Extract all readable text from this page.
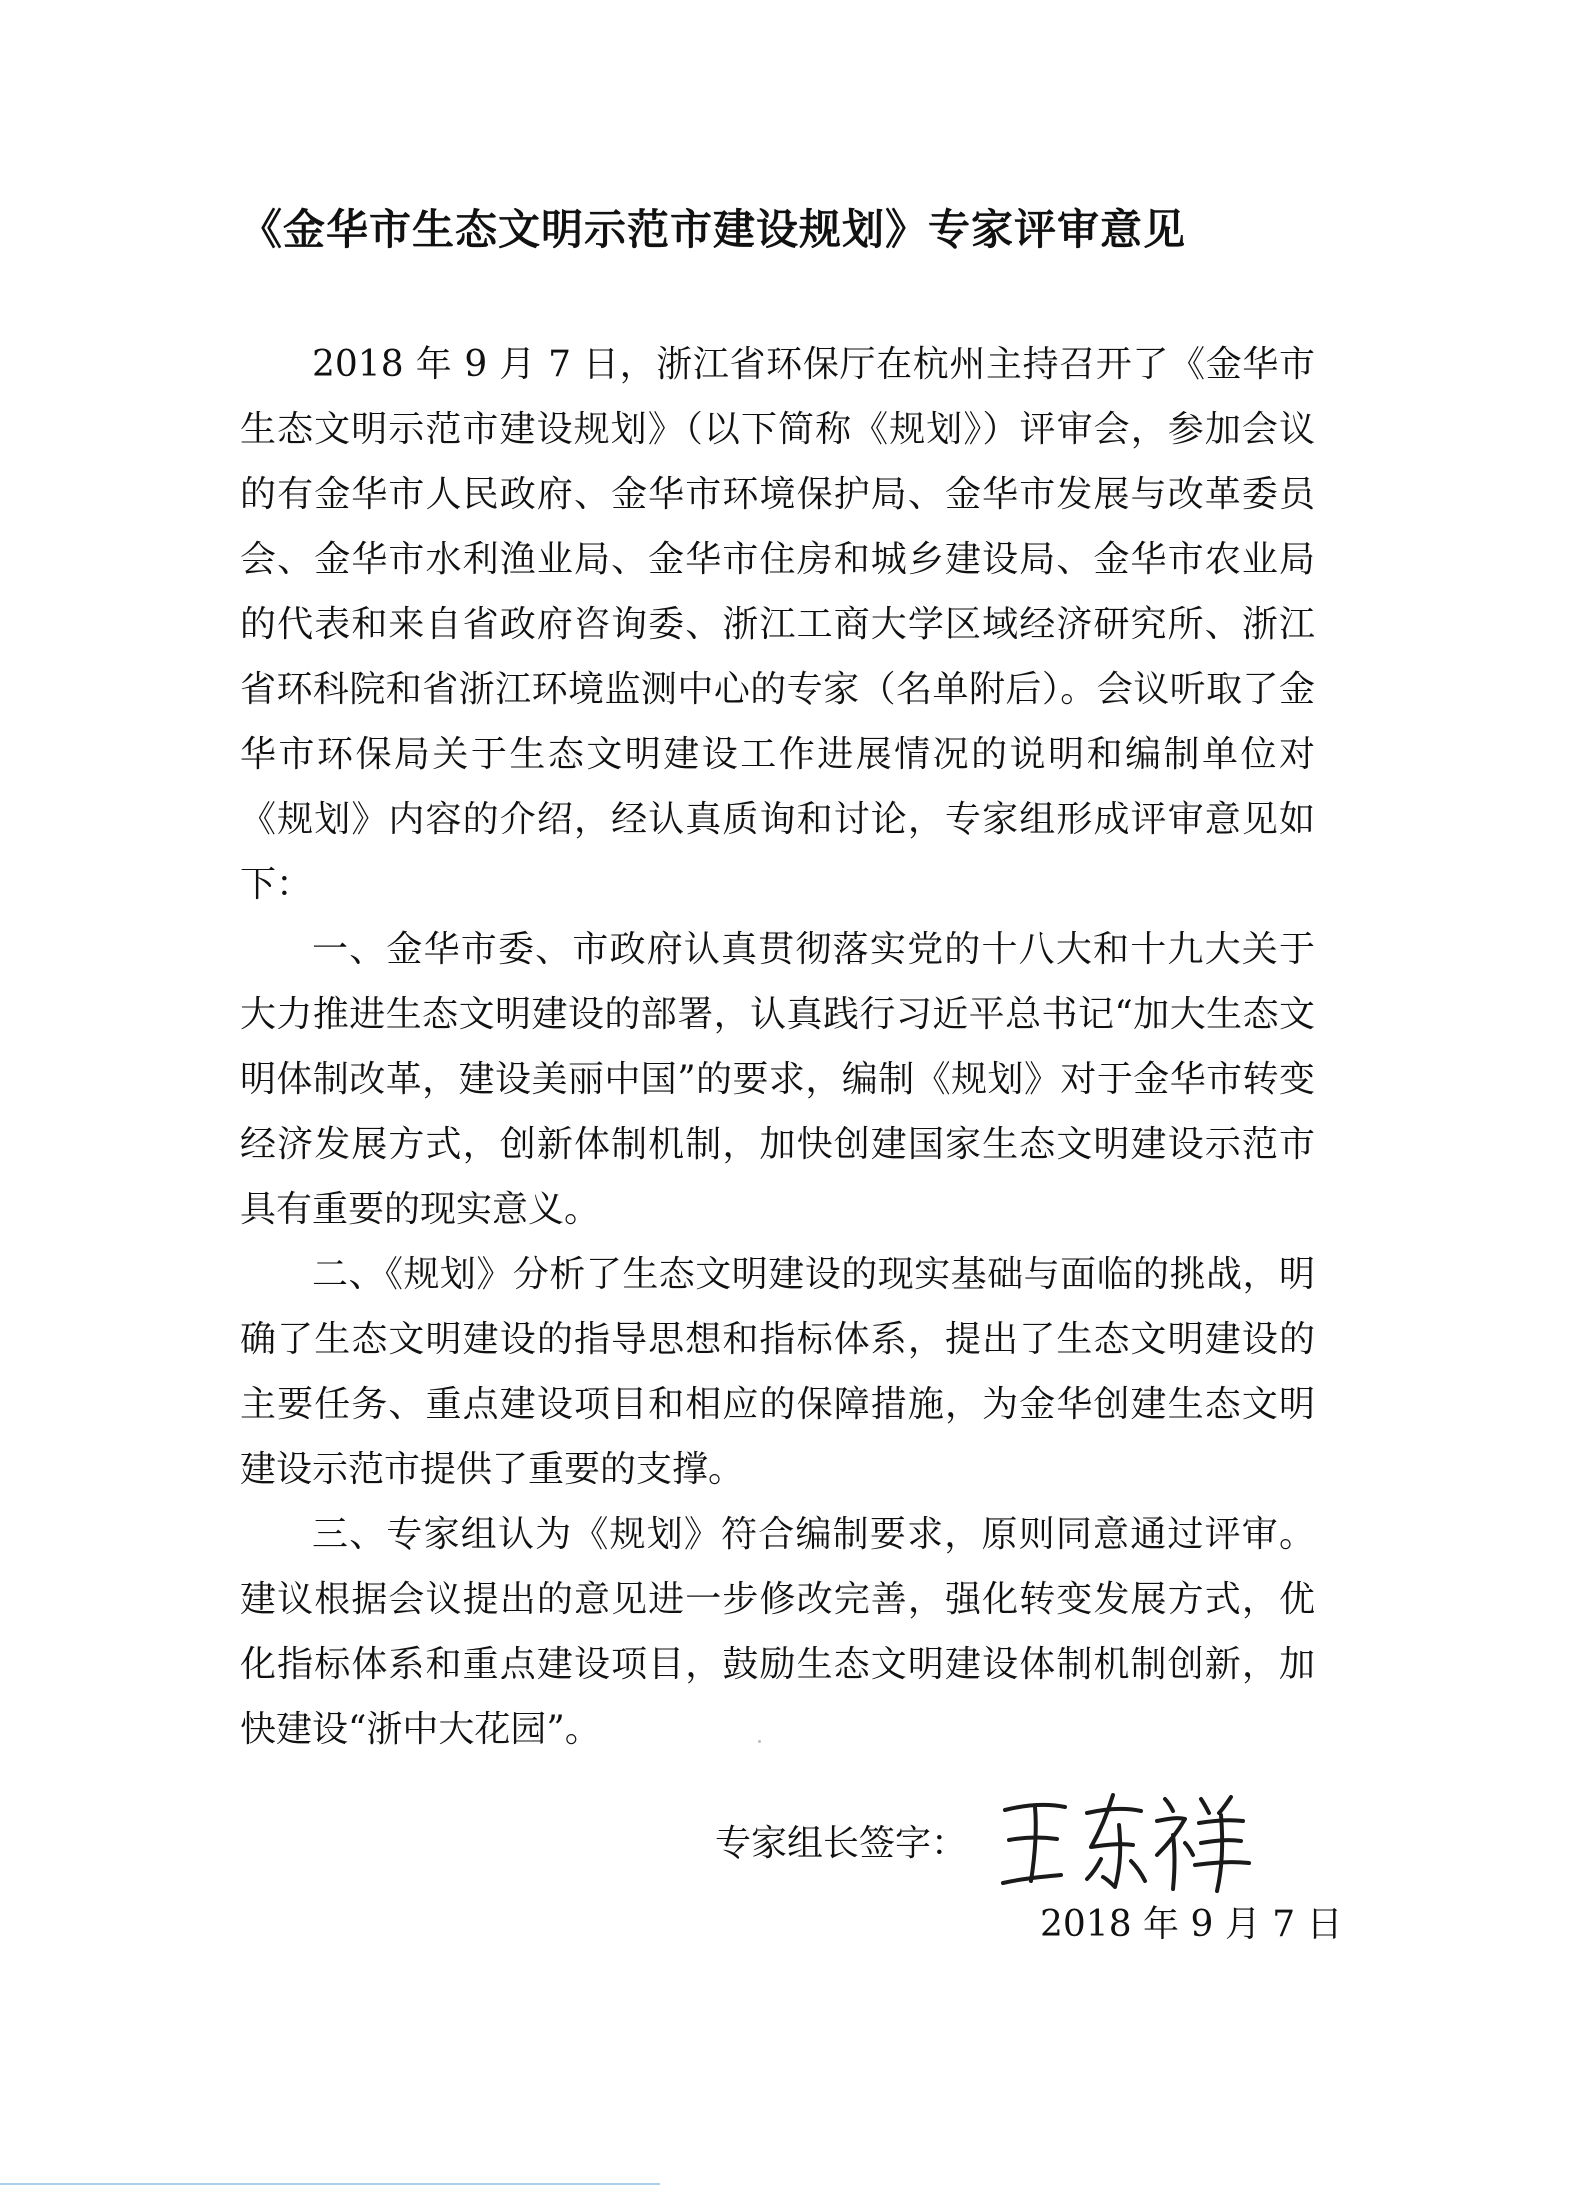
《金华市生态文明示范市建设规划》专家评审意见

2018 年 9 月 7 日，浙江省环保厅在杭州主持召开了《金华市生态文明示范市建设规划》（以下简称《规划》）评审会，参加会议的有金华市人民政府、金华市环境保护局、金华市发展与改革委员会、金华市水利渔业局、金华市住房和城乡建设局、金华市农业局的代表和来自省政府咨询委、浙江工商大学区域经济研究所、浙江省环科院和省浙江环境监测中心的专家（名单附后）。会议听取了金华市环保局关于生态文明建设工作进展情况的说明和编制单位对《规划》内容的介绍，经认真质询和讨论，专家组形成评审意见如下：

一、金华市委、市政府认真贯彻落实党的十八大和十九大关于大力推进生态文明建设的部署，认真践行习近平总书记“加大生态文明体制改革，建设美丽中国”的要求，编制《规划》对于金华市转变经济发展方式，创新体制机制，加快创建国家生态文明建设示范市具有重要的现实意义。

二、《规划》分析了生态文明建设的现实基础与面临的挑战，明确了生态文明建设的指导思想和指标体系，提出了生态文明建设的主要任务、重点建设项目和相应的保障措施，为金华创建生态文明建设示范市提供了重要的支撑。

三、专家组认为《规划》符合编制要求，原则同意通过评审。建议根据会议提出的意见进一步修改完善，强化转变发展方式，优化指标体系和重点建设项目，鼓励生态文明建设体制机制创新，加快建设“浙中大花园”。

专家组长签字：
2018 年 9 月 7 日
